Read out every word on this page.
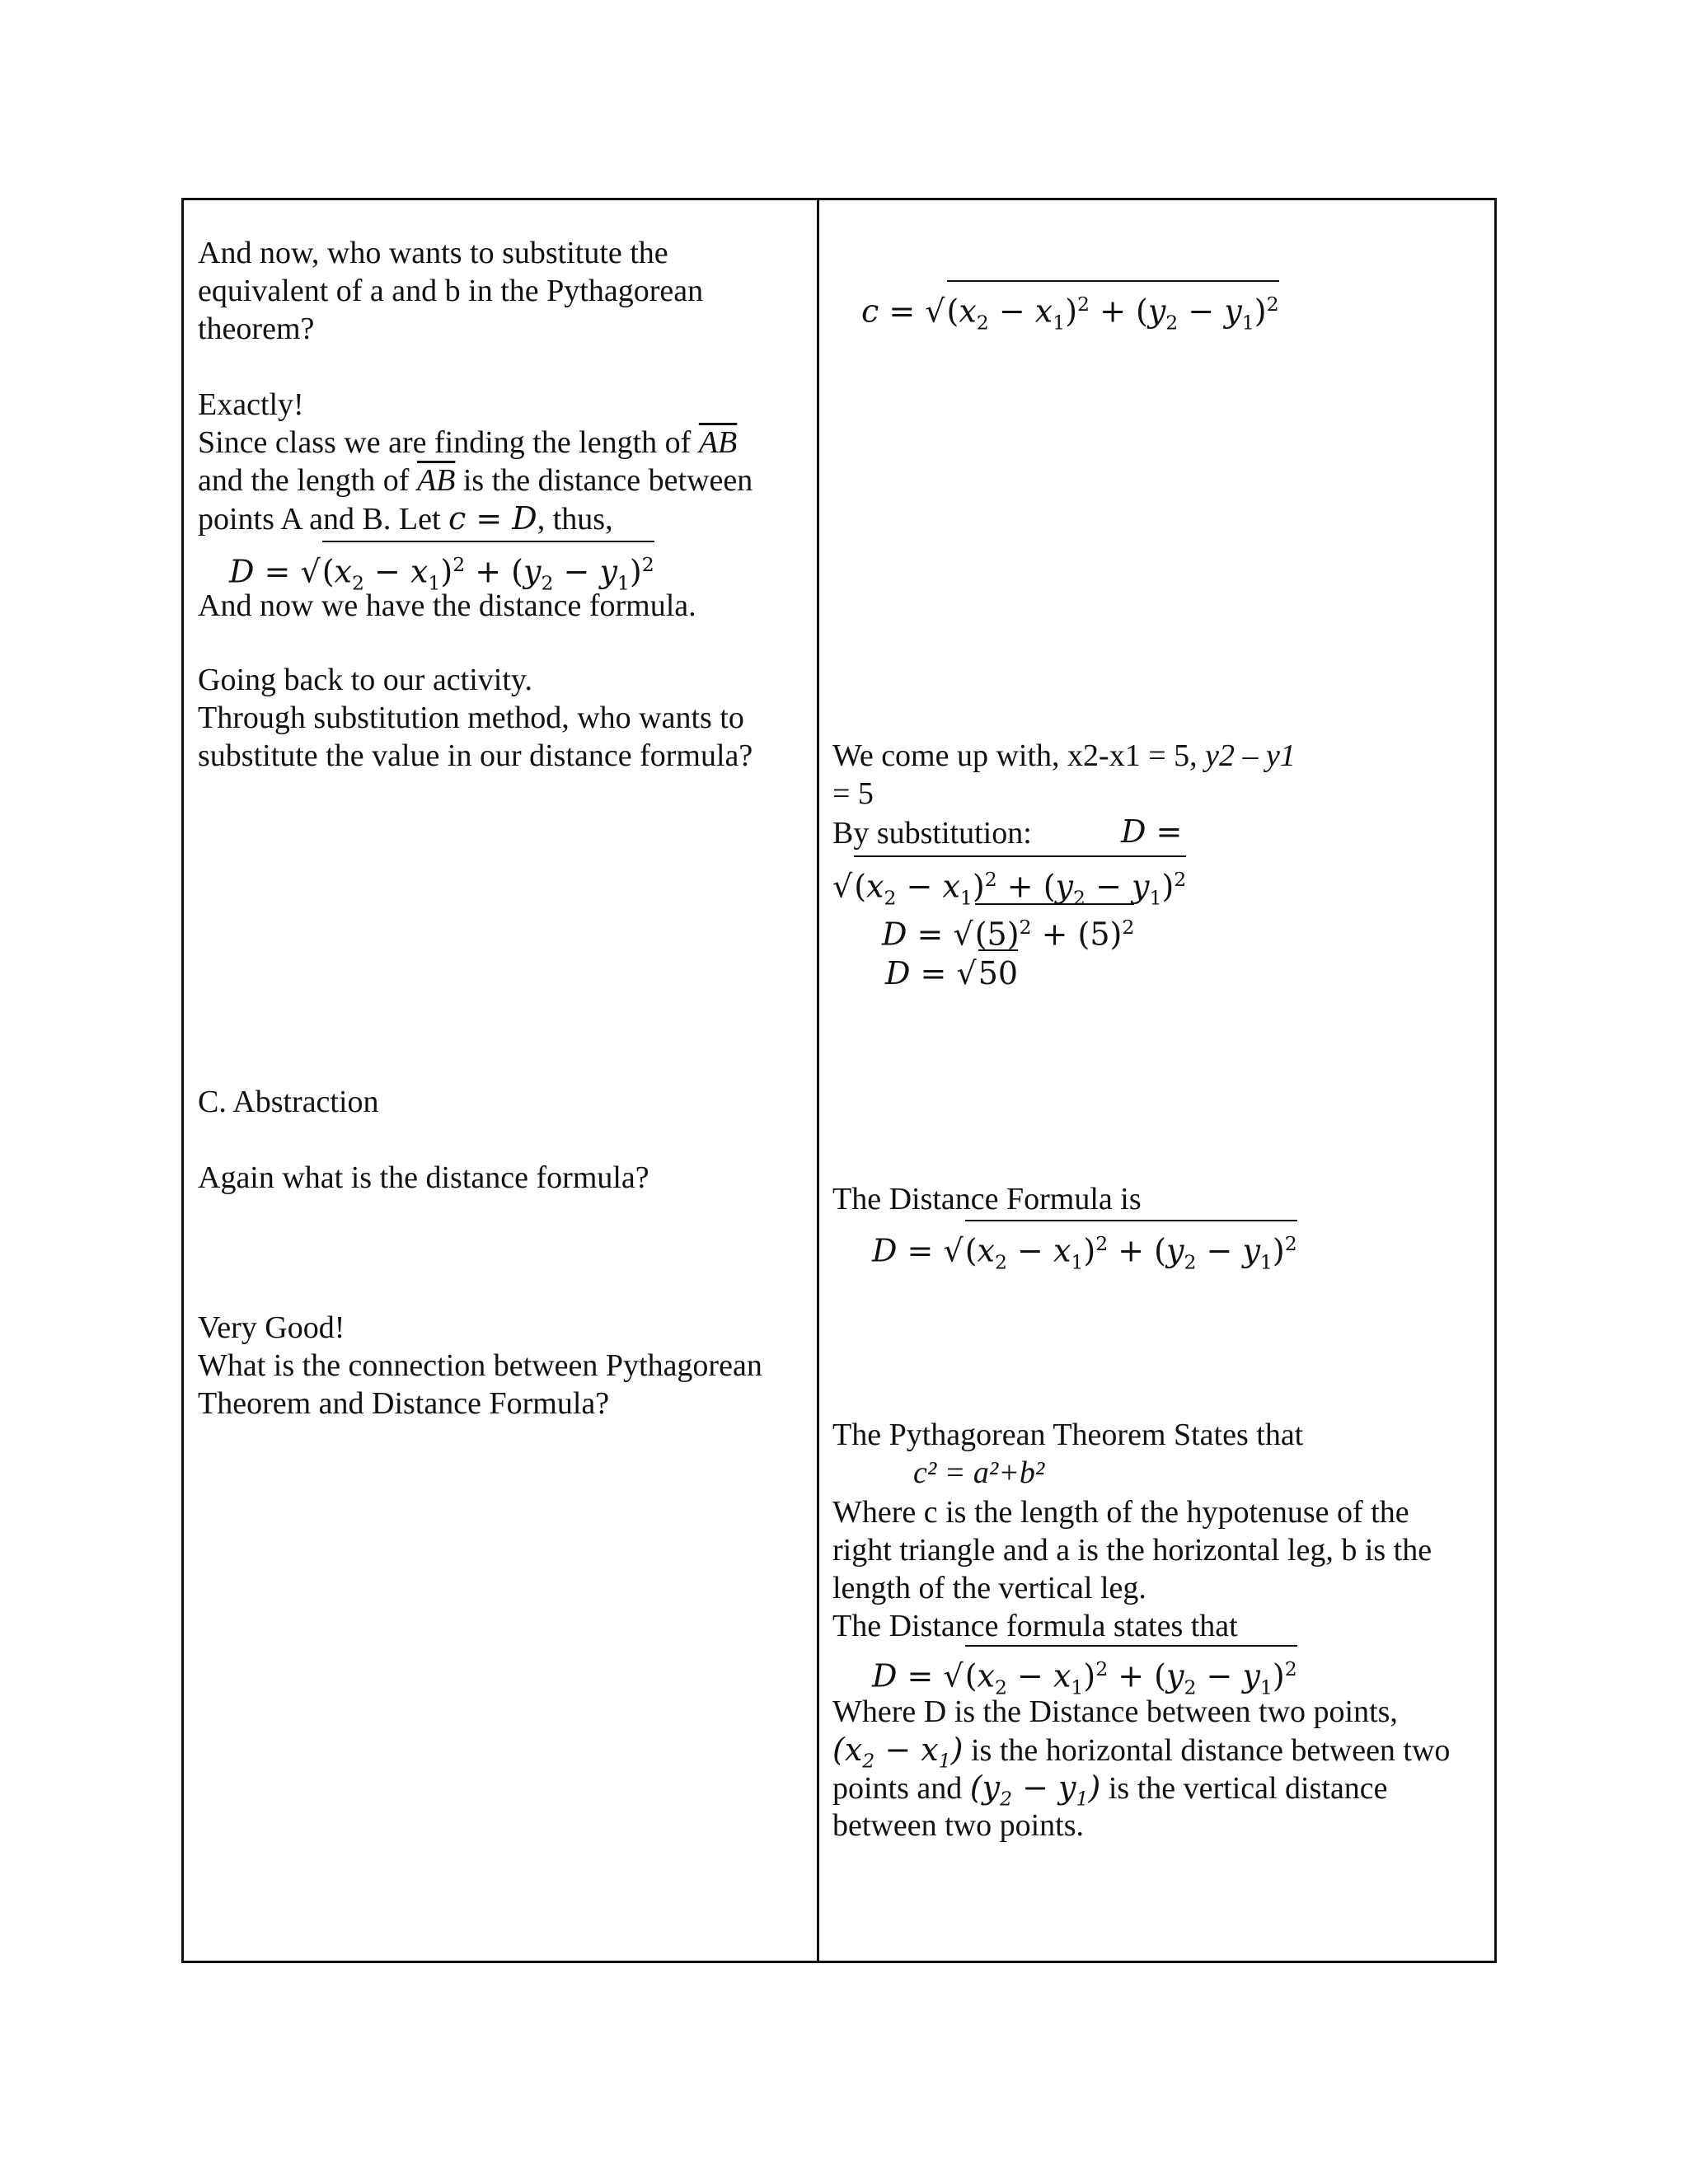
And now, who wants to substitute the equivalent of a and b in the Pythagorean theorem?
Exactly!
Since class we are finding the length of $\overline{AB}$
and the length of $\overline{AB}$ is the distance between
points A and B. Let c = D, thus,
$D = √(x_2 - x_1)^2 + (y_2 - y_1)^2$
And now we have the distance formula.
Going back to our activity.
Through substitution method, who wants to
substitute the value in our distance formula?
C. Abstraction
Again what is the distance formula?
Very Good!
What is the connection between Pythagorean
Theorem and Distance Formula?
$c = √(x_2 - x_1)^2 + (y_2 - y_1)^2$
We come up with, x2-x1 = 5, y2 – y1
= 5
By substitution:	D =
$√(x_2 - x_1)^2 + (y_2 - y_1)^2$
$D = √(5)^2 + (5)^2$
D = √50
The Distance Formula is
$D = √(x_2 - x_1)^2 + (y_2 - y_1)^2$
The Pythagorean Theorem States that
c² = a²+b²
Where c is the length of the hypotenuse of the
right triangle and a is the horizontal leg, b is the
length of the vertical leg.
The Distance formula states that
$D = √(x_2 - x_1)^2 + (y_2 - y_1)^2$
Where D is the Distance between two points,
$(x_2 - x_1)$ is the horizontal distance between two
points and $(y_2 - y_1)$ is the vertical distance
between two points.
